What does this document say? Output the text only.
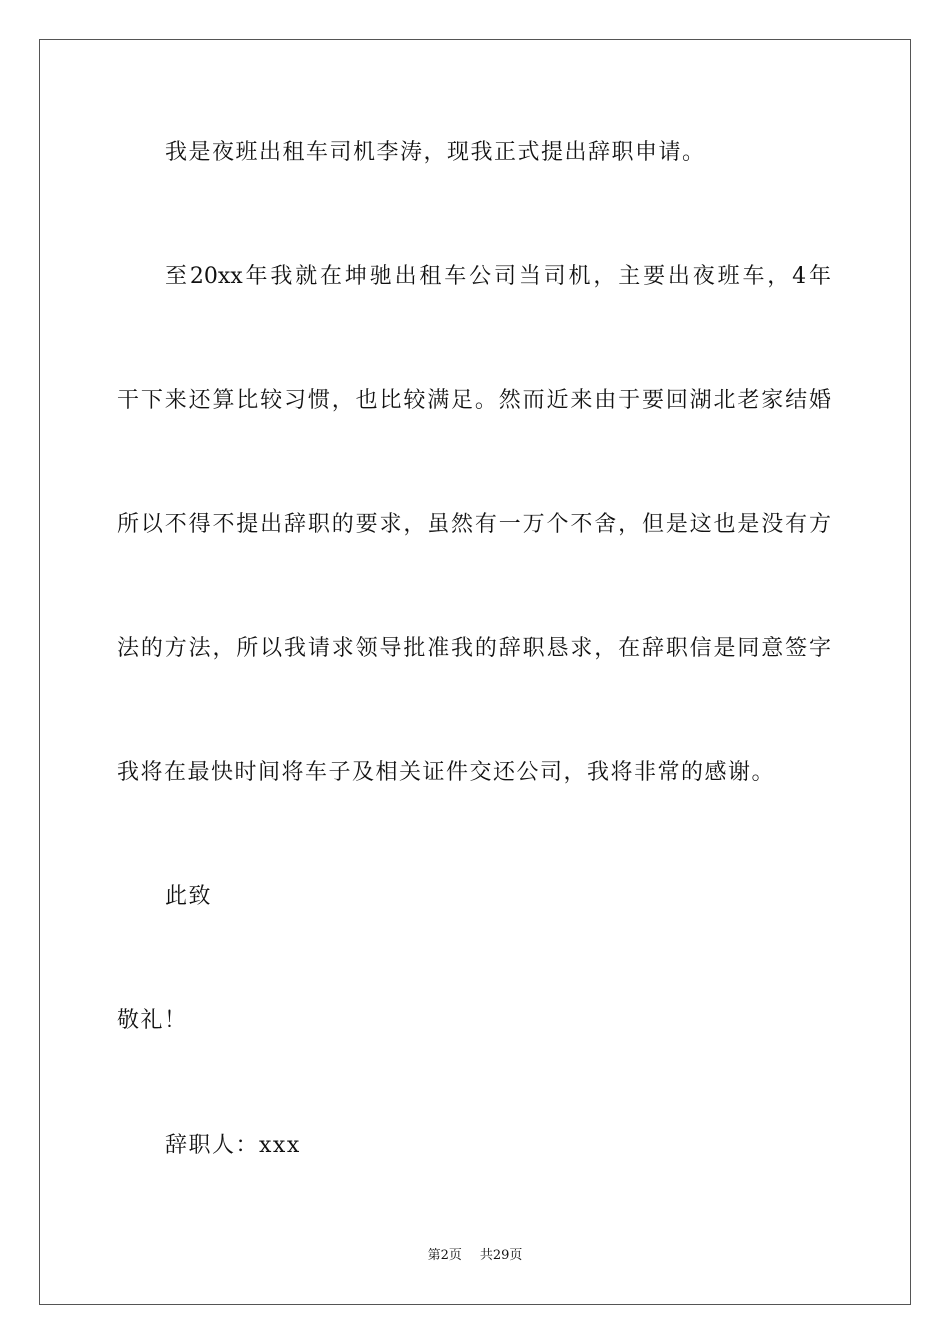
我是夜班出租车司机李涛，现我正式提出辞职申请。
至20xx年我就在坤驰出租车公司当司机，主要出夜班车，4年
干下来还算比较习惯，也比较满足。然而近来由于要回湖北老家结婚
所以不得不提出辞职的要求，虽然有一万个不舍，但是这也是没有方
法的方法，所以我请求领导批准我的辞职恳求，在辞职信是同意签字
我将在最快时间将车子及相关证件交还公司，我将非常的感谢。
此致
敬礼！
辞职人：xxx
第2页 共29页
